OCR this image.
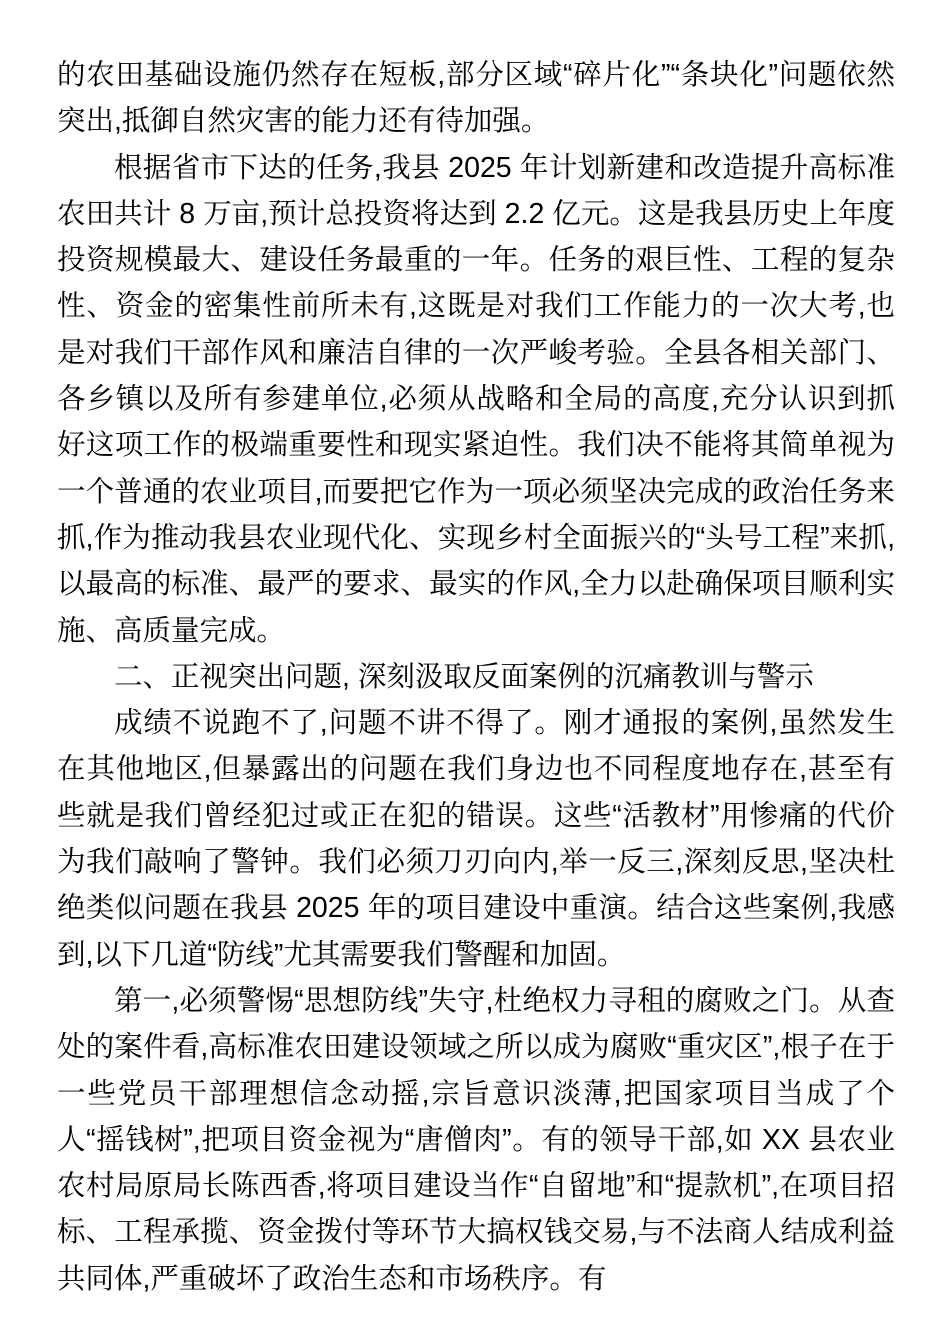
的农田基础设施仍然存在短板,部分区域“碎片化”“条块化”问题依然突出,抵御自然灾害的能力还有待加强。

根据省市下达的任务,我县 2025 年计划新建和改造提升高标准农田共计 8 万亩,预计总投资将达到 2.2 亿元。这是我县历史上年度投资规模最大、建设任务最重的一年。任务的艰巨性、工程的复杂性、资金的密集性前所未有,这既是对我们工作能力的一次大考,也是对我们干部作风和廉洁自律的一次严峻考验。全县各相关部门、各乡镇以及所有参建单位,必须从战略和全局的高度,充分认识到抓好这项工作的极端重要性和现实紧迫性。我们决不能将其简单视为一个普通的农业项目,而要把它作为一项必须坚决完成的政治任务来抓,作为推动我县农业现代化、实现乡村全面振兴的“头号工程”来抓,以最高的标准、最严的要求、最实的作风,全力以赴确保项目顺利实施、高质量完成。

二、正视突出问题, 深刻汲取反面案例的沉痛教训与警示

成绩不说跑不了,问题不讲不得了。刚才通报的案例,虽然发生在其他地区,但暴露出的问题在我们身边也不同程度地存在,甚至有些就是我们曾经犯过或正在犯的错误。这些“活教材”用惨痛的代价为我们敲响了警钟。我们必须刀刃向内,举一反三,深刻反思,坚决杜绝类似问题在我县 2025 年的项目建设中重演。结合这些案例,我感到,以下几道“防线”尤其需要我们警醒和加固。

第一,必须警惕“思想防线”失守,杜绝权力寻租的腐败之门。从查处的案件看,高标准农田建设领域之所以成为腐败“重灾区”,根子在于一些党员干部理想信念动摇,宗旨意识淡薄,把国家项目当成了个人“摇钱树”,把项目资金视为“唐僧肉”。有的领导干部,如 XX 县农业农村局原局长陈西香,将项目建设当作“自留地”和“提款机”,在项目招标、工程承揽、资金拨付等环节大搞权钱交易,与不法商人结成利益共同体,严重破坏了政治生态和市场秩序。有
